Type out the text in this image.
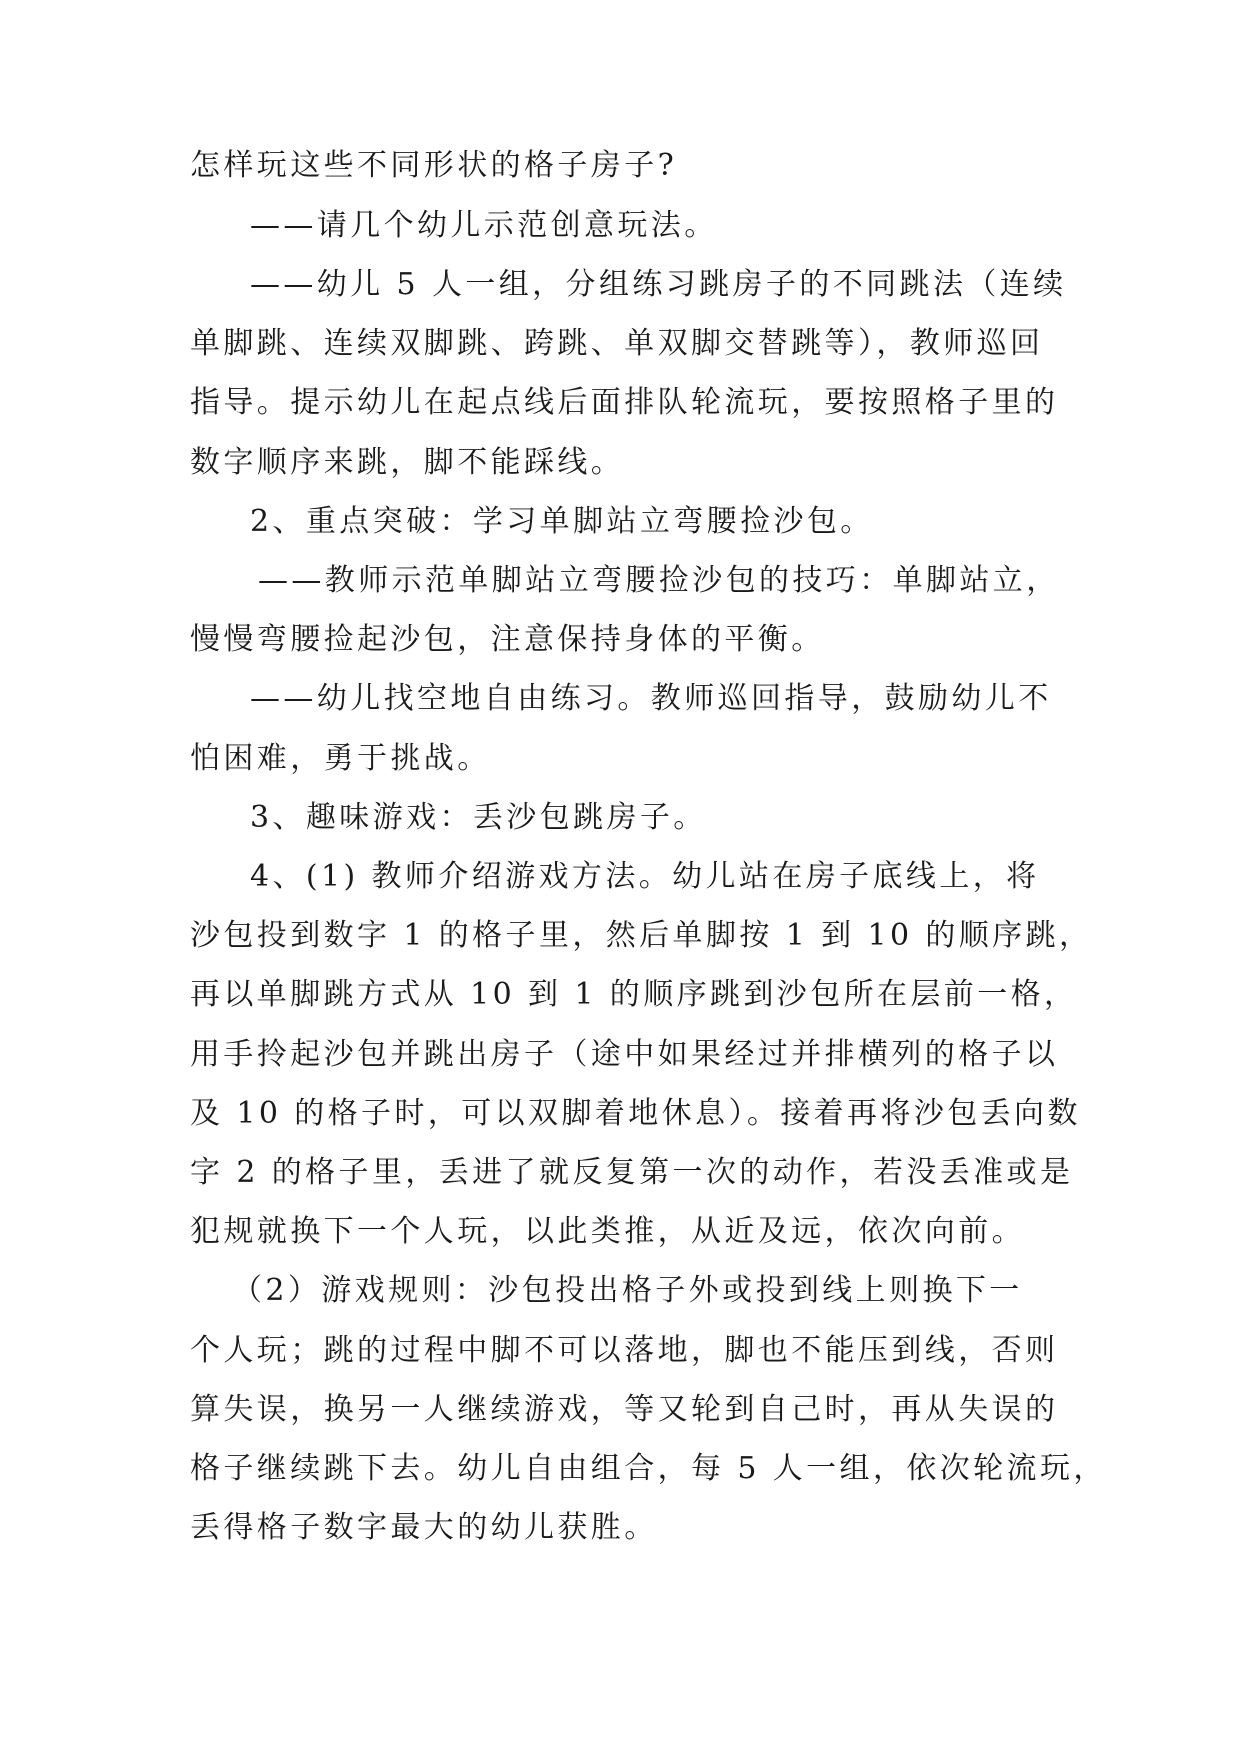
怎样玩这些不同形状的格子房子?
——请几个幼儿示范创意玩法。
——幼儿 5 人一组，分组练习跳房子的不同跳法（连续
单脚跳、连续双脚跳、跨跳、单双脚交替跳等），教师巡回
指导。提示幼儿在起点线后面排队轮流玩，要按照格子里的
数字顺序来跳，脚不能踩线。
2、重点突破：学习单脚站立弯腰捡沙包。
——教师示范单脚站立弯腰捡沙包的技巧：单脚站立，
慢慢弯腰捡起沙包，注意保持身体的平衡。
——幼儿找空地自由练习。教师巡回指导，鼓励幼儿不
怕困难，勇于挑战。
3、趣味游戏：丢沙包跳房子。
4、(1) 教师介绍游戏方法。幼儿站在房子底线上，将
沙包投到数字 1 的格子里，然后单脚按 1 到 10 的顺序跳，
再以单脚跳方式从 10 到 1 的顺序跳到沙包所在层前一格，
用手拎起沙包并跳出房子（途中如果经过并排横列的格子以
及 10 的格子时，可以双脚着地休息）。接着再将沙包丢向数
字 2 的格子里，丢进了就反复第一次的动作，若没丢准或是
犯规就换下一个人玩，以此类推，从近及远，依次向前。
（2）游戏规则：沙包投出格子外或投到线上则换下一
个人玩；跳的过程中脚不可以落地，脚也不能压到线，否则
算失误，换另一人继续游戏，等又轮到自己时，再从失误的
格子继续跳下去。幼儿自由组合，每 5 人一组，依次轮流玩，
丢得格子数字最大的幼儿获胜。
